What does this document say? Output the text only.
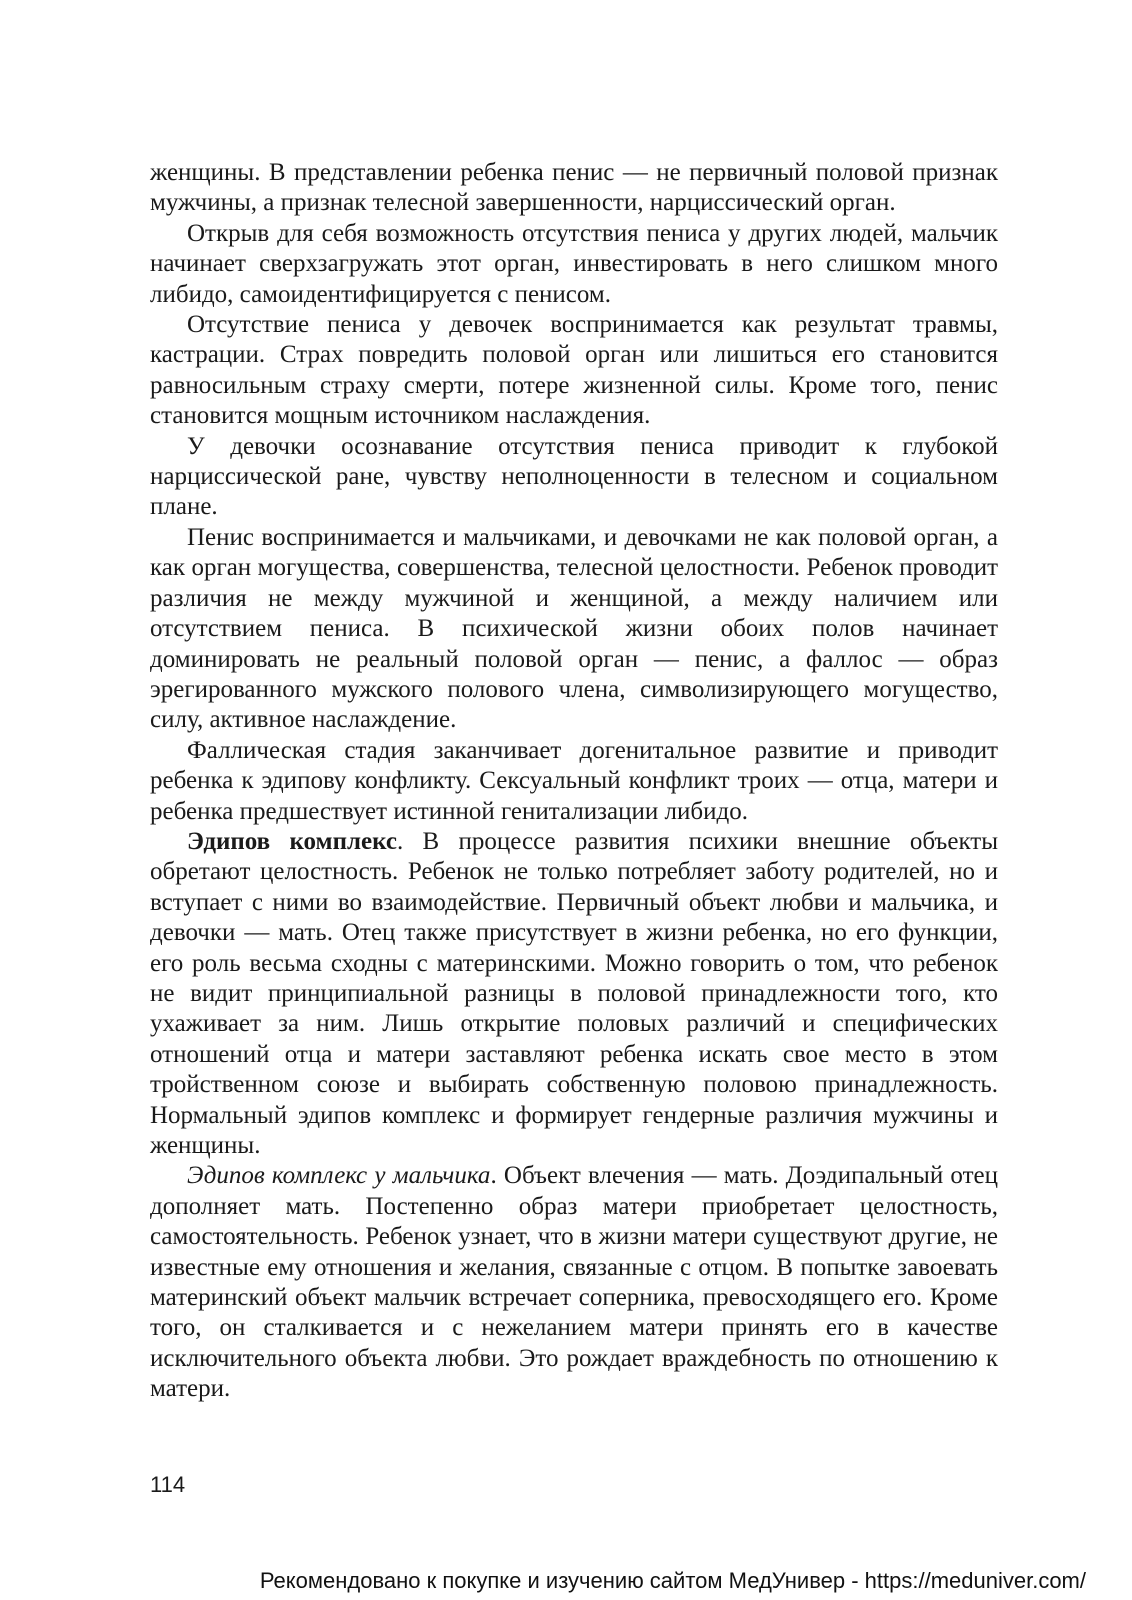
женщины. В представлении ребенка пенис — не первичный половой признак мужчины, а признак телесной завершенности, нарциссический орган.

Открыв для себя возможность отсутствия пениса у других людей, мальчик начинает сверхзагружать этот орган, инвестировать в него слишком много либидо, самоидентифицируется с пенисом.

Отсутствие пениса у девочек воспринимается как результат травмы, кастрации. Страх повредить половой орган или лишиться его становится равносильным страху смерти, потере жизненной силы. Кроме того, пенис становится мощным источником наслаждения.

У девочки осознавание отсутствия пениса приводит к глубокой нарциссической ране, чувству неполноценности в телесном и социальном плане.

Пенис воспринимается и мальчиками, и девочками не как половой орган, а как орган могущества, совершенства, телесной целостности. Ребенок проводит различия не между мужчиной и женщиной, а между наличием или отсутствием пениса. В психической жизни обоих полов начинает доминировать не реальный половой орган — пенис, а фаллос — образ эрегированного мужского полового члена, символизирующего могущество, силу, активное наслаждение.

Фаллическая стадия заканчивает догенитальное развитие и приводит ребенка к эдипову конфликту. Сексуальный конфликт троих — отца, матери и ребенка предшествует истинной генитализации либидо.

Эдипов комплекс. В процессе развития психики внешние объекты обретают целостность. Ребенок не только потребляет заботу родителей, но и вступает с ними во взаимодействие. Первичный объект любви и мальчика, и девочки — мать. Отец также присутствует в жизни ребенка, но его функции, его роль весьма сходны с материнскими. Можно говорить о том, что ребенок не видит принципиальной разницы в половой принадлежности того, кто ухаживает за ним. Лишь открытие половых различий и специфических отношений отца и матери заставляют ребенка искать свое место в этом тройственном союзе и выбирать собственную половою принадлежность. Нормальный эдипов комплекс и формирует гендерные различия мужчины и женщины.

Эдипов комплекс у мальчика. Объект влечения — мать. Доэдипальный отец дополняет мать. Постепенно образ матери приобретает целостность, самостоятельность. Ребенок узнает, что в жизни матери существуют другие, не известные ему отношения и желания, связанные с отцом. В попытке завоевать материнский объект мальчик встречает соперника, превосходящего его. Кроме того, он сталкивается и с нежеланием матери принять его в качестве исключительного объекта любви. Это рождает враждебность по отношению к матери.

114
Рекомендовано к покупке и изучению сайтом МедУнивер - https://meduniver.com/
